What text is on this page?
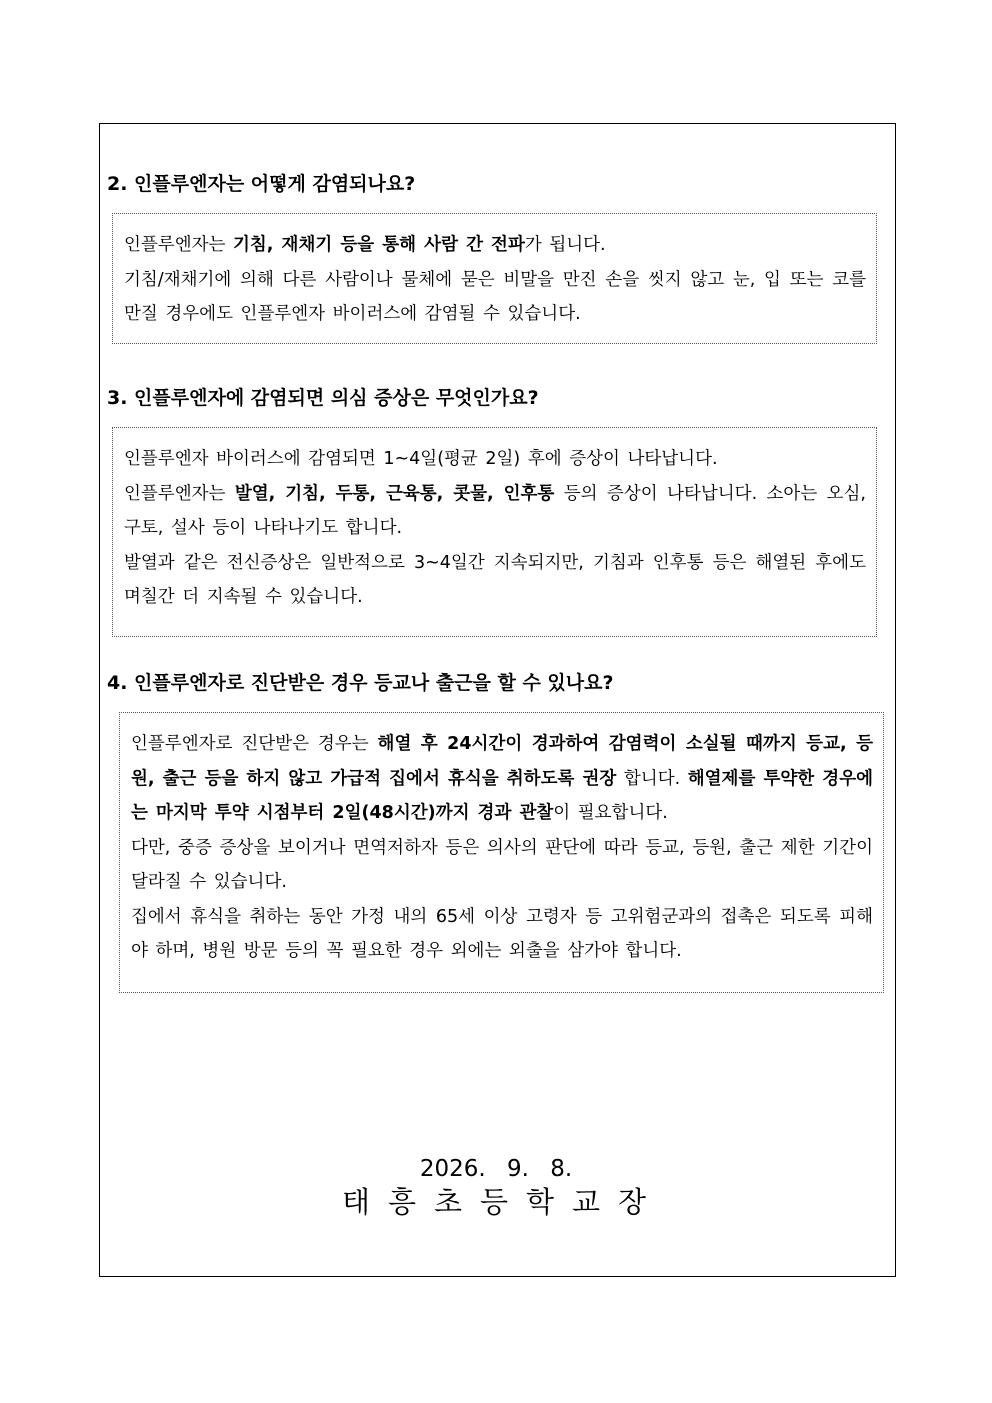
2. 인플루엔자는 어떻게 감염되나요?

인플루엔자는 기침, 재채기 등을 통해 사람 간 전파가 됩니다.

기침/재채기에 의해 다른 사람이나 물체에 묻은 비말을 만진 손을 씻지 않고 눈, 입 또는 코를 만질 경우에도 인플루엔자 바이러스에 감염될 수 있습니다.

3. 인플루엔자에 감염되면 의심 증상은 무엇인가요?

인플루엔자 바이러스에 감염되면 1~4일(평균 2일) 후에 증상이 나타납니다.

인플루엔자는 발열, 기침, 두통, 근육통, 콧물, 인후통 등의 증상이 나타납니다. 소아는 오심, 구토, 설사 등이 나타나기도 합니다.

발열과 같은 전신증상은 일반적으로 3~4일간 지속되지만, 기침과 인후통 등은 해열된 후에도 며칠간 더 지속될 수 있습니다.

4. 인플루엔자로 진단받은 경우 등교나 출근을 할 수 있나요?

인플루엔자로 진단받은 경우는 해열 후 24시간이 경과하여 감염력이 소실될 때까지 등교, 등원, 출근 등을 하지 않고 가급적 집에서 휴식을 취하도록 권장 합니다. 해열제를 투약한 경우에는 마지막 투약 시점부터 2일(48시간)까지 경과 관찰이 필요합니다.

다만, 중증 증상을 보이거나 면역저하자 등은 의사의 판단에 따라 등교, 등원, 출근 제한 기간이 달라질 수 있습니다.

집에서 휴식을 취하는 동안 가정 내의 65세 이상 고령자 등 고위험군과의 접촉은 되도록 피해야 하며, 병원 방문 등의 꼭 필요한 경우 외에는 외출을 삼가야 합니다.

2026. 9. 8.
태흥초등학교장
